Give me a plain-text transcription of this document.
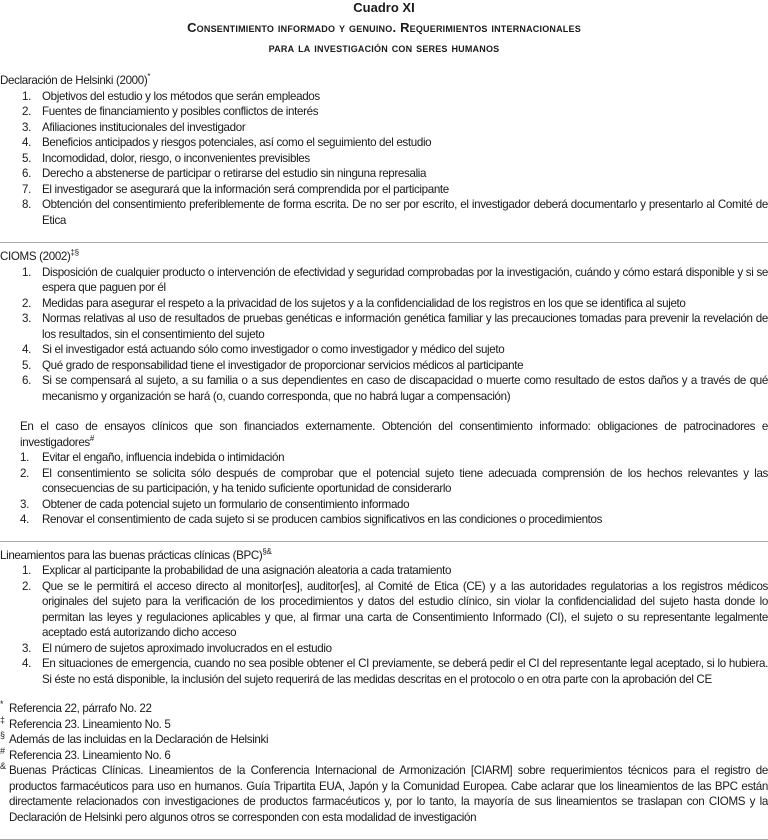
Cuadro XI
Consentimiento informado y genuino. Requerimientos internacionales
para la investigación con seres humanos
Declaración de Helsinki (2000)*
1. Objetivos del estudio y los métodos que serán empleados
2. Fuentes de financiamiento y posibles conflictos de interés
3. Afiliaciones institucionales del investigador
4. Beneficios anticipados y riesgos potenciales, así como el seguimiento del estudio
5. Incomodidad, dolor, riesgo, o inconvenientes previsibles
6. Derecho a abstenerse de participar o retirarse del estudio sin ninguna represalia
7. El investigador se asegurará que la información será comprendida por el participante
8. Obtención del consentimiento preferiblemente de forma escrita. De no ser por escrito, el investigador deberá documentarlo y presentarlo al Comité de Etica
CIOMS (2002)‡§
1. Disposición de cualquier producto o intervención de efectividad y seguridad comprobadas por la investigación, cuándo y cómo estará disponible y si se espera que paguen por él
2. Medidas para asegurar el respeto a la privacidad de los sujetos y a la confidencialidad de los registros en los que se identifica al sujeto
3. Normas relativas al uso de resultados de pruebas genéticas e información genética familiar y las precauciones tomadas para prevenir la revelación de los resultados, sin el consentimiento del sujeto
4. Si el investigador está actuando sólo como investigador o como investigador y médico del sujeto
5. Qué grado de responsabilidad tiene el investigador de proporcionar servicios médicos al participante
6. Si se compensará al sujeto, a su familia o a sus dependientes en caso de discapacidad o muerte como resultado de estos daños y a través de qué mecanismo y organización se hará (o, cuando corresponda, que no habrá lugar a compensación)
En el caso de ensayos clínicos que son financiados externamente. Obtención del consentimiento informado: obligaciones de patrocinadores e investigadores#
1.	Evitar el engaño, influencia indebida o intimidación
2.	El consentimiento se solicita sólo después de comprobar que el potencial sujeto tiene adecuada comprensión de los hechos relevantes y las consecuencias de su participación, y ha tenido suficiente oportunidad de considerarlo
3.	Obtener de cada potencial sujeto un formulario de consentimiento informado
4.	Renovar el consentimiento de cada sujeto si se producen cambios significativos en las condiciones o procedimientos
Lineamientos para las buenas prácticas clínicas (BPC)§&
1. Explicar al participante la probabilidad de una asignación aleatoria a cada tratamiento
2. Que se le permitirá el acceso directo al monitor[es], auditor[es], al Comité de Etica (CE) y a las autoridades regulatorias a los registros médicos originales del sujeto para la verificación de los procedimientos y datos del estudio clínico, sin violar la confidencialidad del sujeto hasta donde lo permitan las leyes y regulaciones aplicables y que, al firmar una carta de Consentimiento Informado (CI), el sujeto o su representante legalmente aceptado está autorizando dicho acceso
3. El número de sujetos aproximado involucrados en el estudio
4. En situaciones de emergencia, cuando no sea posible obtener el CI previamente, se deberá pedir el CI del representante legal aceptado, si lo hubiera. Si éste no está disponible, la inclusión del sujeto requerirá de las medidas descritas en el protocolo o en otra parte con la aprobación del CE
* Referencia 22, párrafo No. 22
‡ Referencia 23. Lineamiento No. 5
§ Además de las incluidas en la Declaración de Helsinki
# Referencia 23. Lineamiento No. 6
& Buenas Prácticas Clínicas. Lineamientos de la Conferencia Internacional de Armonización [CIARM] sobre requerimientos técnicos para el registro de productos farmacéuticos para uso en humanos. Guía Tripartita EUA, Japón y la Comunidad Europea. Cabe aclarar que los lineamientos de las BPC están directamente relacionados con investigaciones de productos farmacéuticos y, por lo tanto, la mayoría de sus lineamientos se traslapan con CIOMS y la Declaración de Helsinki pero algunos otros se corresponden con esta modalidad de investigación
